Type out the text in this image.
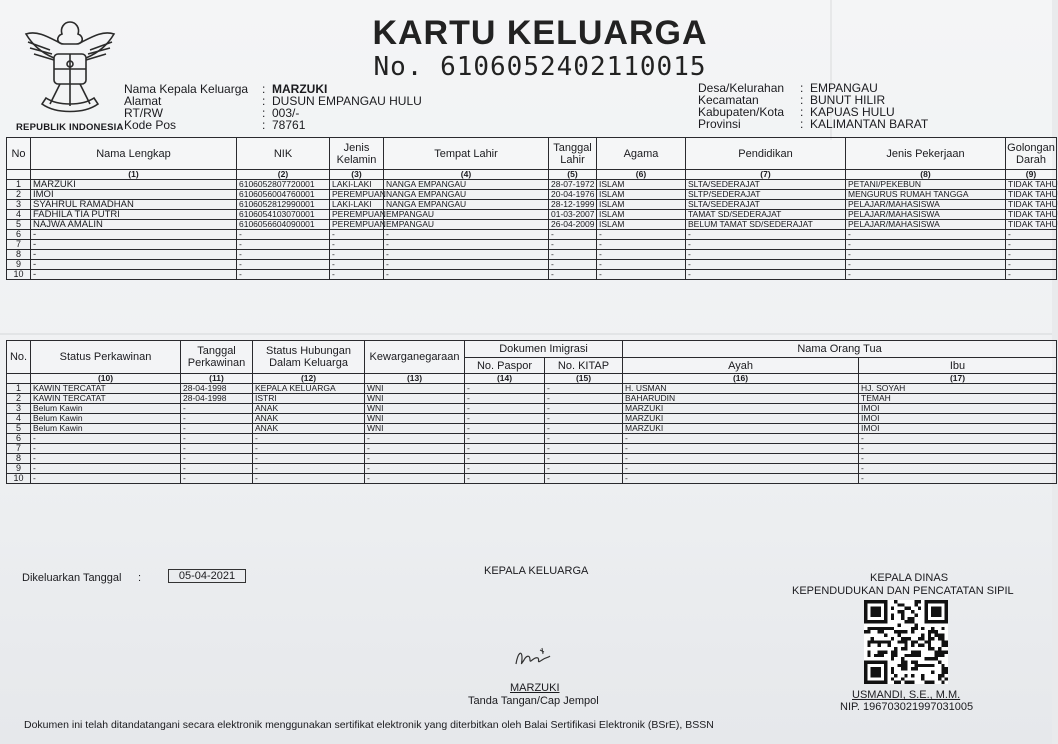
REPUBLIK INDONESIA
KARTU KELUARGA
No. 6106052402110015
Nama Kepala Keluarga	: MARZUKI
Alamat	: DUSUN EMPANGAU HULU
RT/RW	: 003/-
Kode Pos	: 78761
Desa/Kelurahan	: EMPANGAU
Kecamatan	: BUNUT HILIR
Kabupaten/Kota	: KAPUAS HULU
Provinsi	: KALIMANTAN BARAT
No	Nama Lengkap	NIK	Jenis Kelamin	Tempat Lahir	Tanggal Lahir	Agama	Pendidikan	Jenis Pekerjaan	Golongan Darah
	(1)	(2)	(3)	(4)	(5)	(6)	(7)	(8)	(9)
1	MARZUKI	6106052807720001	LAKI-LAKI	NANGA EMPANGAU	28-07-1972	ISLAM	SLTA/SEDERAJAT	PETANI/PEKEBUN	TIDAK TAHU
2	IMOI	6106056004760001	PEREMPUAN	NANGA EMPANGAU	20-04-1976	ISLAM	SLTP/SEDERAJAT	MENGURUS RUMAH TANGGA	TIDAK TAHU
3	SYAHRUL RAMADHAN	6106052812990001	LAKI-LAKI	NANGA EMPANGAU	28-12-1999	ISLAM	SLTA/SEDERAJAT	PELAJAR/MAHASISWA	TIDAK TAHU
4	FADHILA TIA PUTRI	6106054103070001	PEREMPUAN	EMPANGAU	01-03-2007	ISLAM	TAMAT SD/SEDERAJAT	PELAJAR/MAHASISWA	TIDAK TAHU
5	NAJWA AMALIN	6106056604090001	PEREMPUAN	EMPANGAU	26-04-2009	ISLAM	BELUM TAMAT SD/SEDERAJAT	PELAJAR/MAHASISWA	TIDAK TAHU
6	-	-	-	-	-	-	-	-	-
7	-	-	-	-	-	-	-	-	-
8	-	-	-	-	-	-	-	-	-
9	-	-	-	-	-	-	-	-	-
10	-	-	-	-	-	-	-	-	-
No.	Status Perkawinan	Tanggal Perkawinan	Status Hubungan Dalam Keluarga	Kewarganegaraan	Dokumen Imigrasi		Nama Orang Tua	
					No. Paspor	No. KITAP	Ayah	Ibu
	(10)	(11)	(12)	(13)	(14)	(15)	(16)	(17)
1	KAWIN TERCATAT	28-04-1998	KEPALA KELUARGA	WNI	-	-	H. USMAN	HJ. SOYAH
2	KAWIN TERCATAT	28-04-1998	ISTRI	WNI	-	-	BAHARUDIN	TEMAH
3	Belum Kawin	-	ANAK	WNI	-	-	MARZUKI	IMOI
4	Belum Kawin	-	ANAK	WNI	-	-	MARZUKI	IMOI
5	Belum Kawin	-	ANAK	WNI	-	-	MARZUKI	IMOI
6	-	-	-	-	-	-	-	-
7	-	-	-	-	-	-	-	-
8	-	-	-	-	-	-	-	-
9	-	-	-	-	-	-	-	-
10	-	-	-	-	-	-	-	-
Dikeluarkan Tanggal :	05-04-2021	KEPALA KELUARGA
MARZUKI
Tanda Tangan/Cap Jempol
KEPALA DINAS
KEPENDUDUKAN DAN PENCATATAN SIPIL
USMANDI, S.E., M.M.
NIP. 196703021997031005
Dokumen ini telah ditandatangani secara elektronik menggunakan sertifikat elektronik yang diterbitkan oleh Balai Sertifikasi Elektronik (BSrE), BSSN
